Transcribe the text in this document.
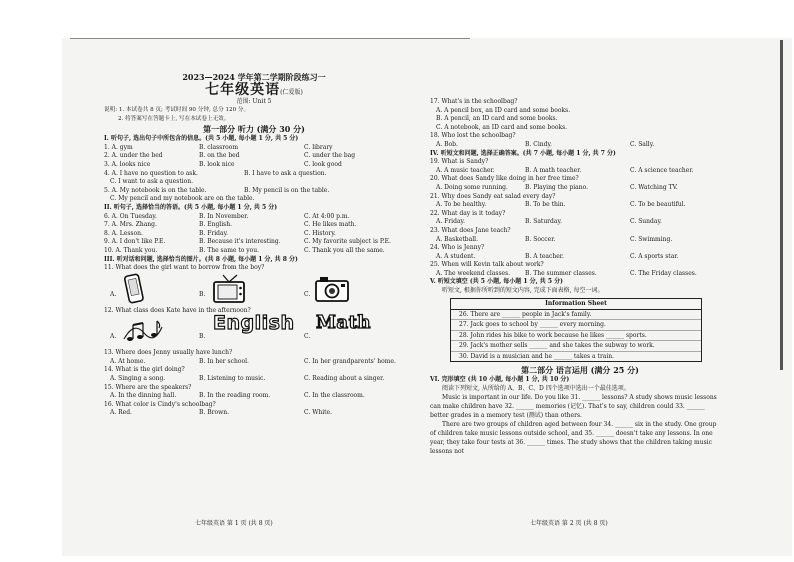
2023—2024 学年第二学期阶段练习一
七年级英语(仁爱版)
范围: Unit 5
说明: 1. 本试卷共 8 页; 考试时间 90 分钟, 总分 120 分。
2. 将答案写在答题卡上, 写在本试卷上无效。
第一部分 听力 (满分 30 分)
I. 听句子, 选出句子中所包含的信息。(共 5 小题, 每小题 1 分, 共 5 分)
1. A. gym	B. classroom	C. library
2. A. under the bed	B. on the bed	C. under the bag
3. A. looks nice	B. look nice	C. look good
4. A. I have no question to ask.	B. I have to ask a question.
C. I want to ask a question.
5. A. My notebook is on the table.	B. My pencil is on the table.
C. My pencil and my notebook are on the table.
II. 听句子, 选择恰当的答语。(共 5 小题, 每小题 1 分, 共 5 分)
6. A. On Tuesday.	B. In November.	C. At 4:00 p.m.
7. A. Mrs. Zhang.	B. English.	C. He likes math.
8. A. Lesson.	B. Friday.	C. History.
9. A. I don't like P.E.	B. Because it's interesting.	C. My favorite subject is P.E.
10. A. Thank you.	B. The same to you.	C. Thank you all the same.
III. 听对话和问题, 选择恰当的图片。(共 8 小题, 每小题 1 分, 共 8 分)
11. What does the girl want to borrow from the boy?
A.	B.	C.
12. What class does Kate have in the afternoon?
A.	B.
English
C.
Math
13. Where does Jenny usually have lunch?
A. At home.	B. In her school.	C. In her grandparents' home.
14. What is the girl doing?
A. Singing a song.	B. Listening to music.	C. Reading about a singer.
15. Where are the speakers?
A. In the dinning hall.	B. In the reading room.	C. In the classroom.
16. What color is Cindy's schoolbag?
A. Red.	B. Brown.	C. White.
七年级英语 第 1 页 (共 8 页)
17. What's in the schoolbag?
A. A pencil box, an ID card and some books.
B. A pencil, an ID card and some books.
C. A notebook, an ID card and some books.
18. Who lost the schoolbag?
A. Bob.	B. Cindy.	C. Sally.
IV. 听短文和问题, 选择正确答案。(共 7 小题, 每小题 1 分, 共 7 分)
19. What is Sandy?
A. A music teacher.	B. A math teacher.	C. A science teacher.
20. What does Sandy like doing in her free time?
A. Doing some running.	B. Playing the piano.	C. Watching TV.
21. Why does Sandy eat salad every day?
A. To be healthy.	B. To be thin.	C. To be beautiful.
22. What day is it today?
A. Friday.	B. Saturday.	C. Sunday.
23. What does Jane teach?
A. Basketball.	B. Soccer.	C. Swimming.
24. Who is Jenny?
A. A student.	B. A teacher.	C. A sports star.
25. When will Kevin talk about work?
A. The weekend classes. B. The summer classes.	C. The Friday classes.
V. 听短文填空 (共 5 小题, 每小题 1 分, 共 5 分)
听短文, 根据你所听到的短文内容, 完成下面表格, 每空一词。
Information Sheet
26. There are ______ people in Jack's family.
27. Jack goes to school by ______ every morning.
28. John rides his bike to work because he likes ______ sports.
29. Jack's mother sells ______ and she takes the subway to work.
30. David is a musician and he ______ takes a train.
第二部分 语言运用 (满分 25 分)
VI. 完形填空 (共 10 小题, 每小题 1 分, 共 10 分)
阅读下列短文, 从所给的 A、B、C、D 四个选项中选出一个最佳选项。
Music is important in our life. Do you like 31. ______ lessons? A study shows music lessons can make children have 32. ______ memories (记忆). That's to say, children could 33. ______ better grades in a memory test (测试) than others.
There are two groups of children aged between four 34. ______ six in the study. One group of children take music lessons outside school, and 35. ______ doesn't take any lessons. In one year, they take four tests at 36. ______ times. The study shows that the children taking music lessons not
七年级英语 第 2 页 (共 8 页)
